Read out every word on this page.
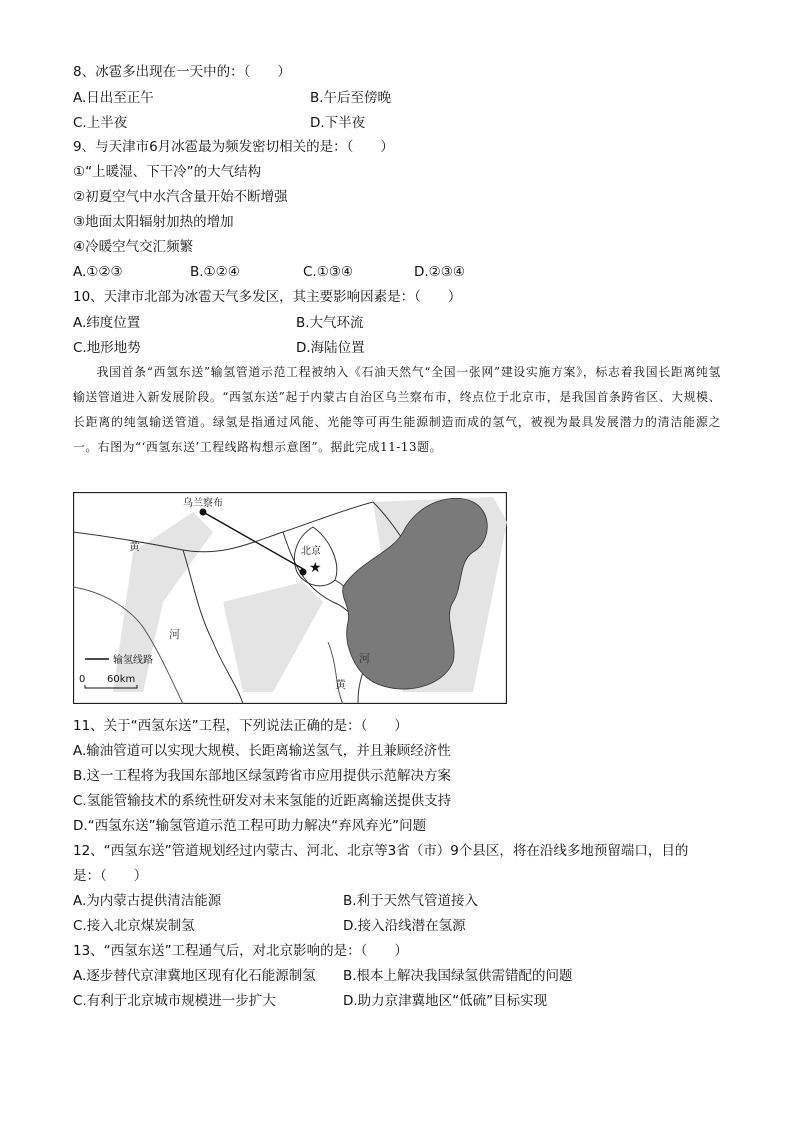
8、冰雹多出现在一天中的：（　　）
A.日出至正午	B.午后至傍晚
C.上半夜	D.下半夜
9、与天津市6月冰雹最为频发密切相关的是：（　　）
①“上暖湿、下干冷”的大气结构
②初夏空气中水汽含量开始不断增强
③地面太阳辐射加热的增加
④冷暖空气交汇频繁
A.①②③	B.①②④	C.①③④	D.②③④
10、天津市北部为冰雹天气多发区，其主要影响因素是：（　　）
A.纬度位置	B.大气环流
C.地形地势	D.海陆位置
我国首条“西氢东送”输氢管道示范工程被纳入《石油天然气“全国一张网”建设实施方案》，标志着我国长距离纯氢输送管道进入新发展阶段。“西氢东送”起于内蒙古自治区乌兰察布市，终点位于北京市，是我国首条跨省区、大规模、长距离的纯氢输送管道。绿氢是指通过风能、光能等可再生能源制造而成的氢气，被视为最具发展潜力的清洁能源之一。右图为“‘西氢东送’工程线路构想示意图”。据此完成11-13题。
★
乌兰察布
北京
黄
河
河
黄
输氢线路
0 60km
11、关于“西氢东送”工程，下列说法正确的是：（　　）
A.输油管道可以实现大规模、长距离输送氢气，并且兼顾经济性
B.这一工程将为我国东部地区绿氢跨省市应用提供示范解决方案
C.氢能管输技术的系统性研发对未来氢能的近距离输送提供支持
D.“西氢东送”输氢管道示范工程可助力解决“弃风弃光”问题
12、“西氢东送”管道规划经过内蒙古、河北、北京等3省（市）9个县区，将在沿线多地预留端口，目的
是：（　　）
A.为内蒙古提供清洁能源	B.利于天然气管道接入
C.接入北京煤炭制氢	D.接入沿线潜在氢源
13、“西氢东送”工程通气后，对北京影响的是：（　　）
A.逐步替代京津冀地区现有化石能源制氢 B.根本上解决我国绿氢供需错配的问题
C.有利于北京城市规模进一步扩大	D.助力京津冀地区“低硫”目标实现
